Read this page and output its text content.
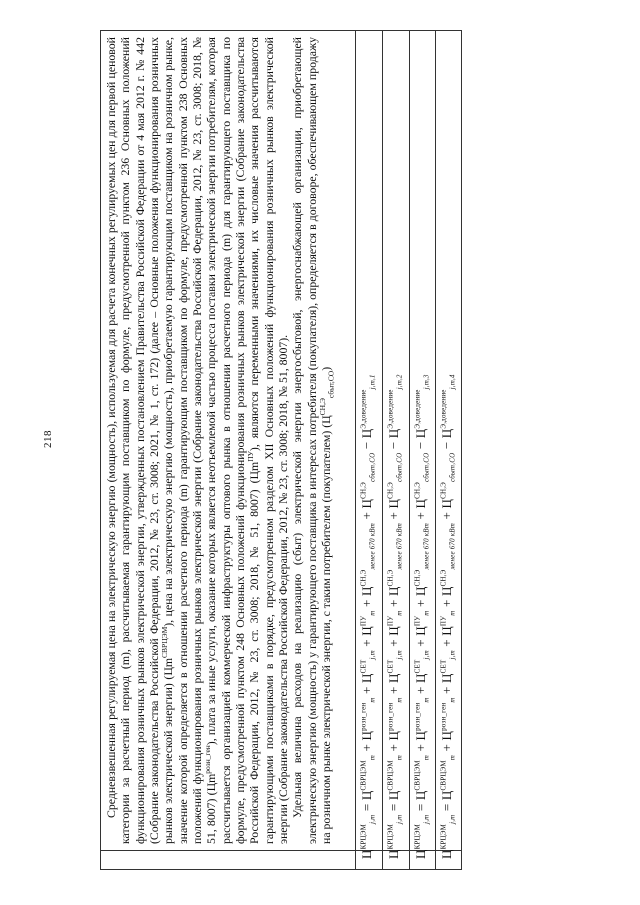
218	Средневзвешенная регулируемая цена на электрическую энергию (мощность), используемая для расчета конечных регулируемых цен для первой ценовой категории за расчетный период (m), рассчитываемая гарантирующим поставщиком по формуле, предусмотренной пунктом 236 Основных положений функционирования розничных рынков электрической энергии, утвержденных постановлением Правительства Российской Федерации от 4 мая 2012 г. № 442 (Собрание законодательства Российской Федерации, 2012, № 23, ст. 3008; 2021, № 1, ст. 172) (далее – Основные положения функционирования розничных рынков электрической энергии) $(Цm^{СВРЦЭМ})$, цена на электрическую энергию (мощность), приобретаемую гарантирующим поставщиком на розничном рынке, значение которой определяется в отношении расчетного периода (m) гарантирующим поставщиком по формуле, предусмотренной пунктом 238 Основных положений функционирования розничных рынков электрической энергии (Собрание законодательства Российской Федерации, 2012, № 23, ст. 3008; 2018, № 51, 8007) $(Цm^{розн\_ген})$, плата за иные услуги, оказание которых является неотъемлемой частью процесса поставки электрической энергии потребителям, которая рассчитывается организацией коммерческой инфраструктуры оптового рынка в отношении расчетного периода (m) для гарантирующего поставщика по формуле, предусмотренной пунктом 248 Основных положений функционирования розничных рынков электрической энергии (Собрание законодательства Российской Федерации, 2012, № 23, ст. 3008; 2018, № 51, 8007) $(Цm^{ПУ})$, являются переменными значениями, их числовые значения рассчитываются гарантирующими поставщиками в порядке, предусмотренном разделом XII Основных положений функционирования розничных рынков электрической энергии (Собрание законодательства Российской Федерации, 2012, № 23, ст. 3008; 2018, № 51, 8007). Удельная величина расходов на реализацию (сбыт) электрической энергии энергосбытовой, энергоснабжающей организации, приобретающей электрическую энергию (мощность) у гарантирующего поставщика в интересах потребителя (покупателя), определяется в договоре, обеспечивающем продажу на розничном рынке электрической энергии, с таким потребителем (покупателем) $(Ц^{СН,Э}_{сбыт,СО})$

$Ц^{КРЦЭМ}_{j,m} = Ц^{СВРЦЭМ}_m + Ц^{розн\_ген}_m + Ц^{СЕТ}_{j,m} + Ц^{ПУ}_m + Ц^{СН,Э}_{менее 670 кВт} + Ц^{СН,Э}_{сбыт,СО} - Ц^{Э,доведение}_{j,m,1}$
$Ц^{КРЦЭМ}_{j,m} = Ц^{СВРЦЭМ}_m + Ц^{розн\_ген}_m + Ц^{СЕТ}_{j,m} + Ц^{ПУ}_m + Ц^{СН,Э}_{менее 670 кВт} + Ц^{СН,Э}_{сбыт,СО} - Ц^{Э,доведение}_{j,m,2}$
$Ц^{КРЦЭМ}_{j,m} = Ц^{СВРЦЭМ}_m + Ц^{розн\_ген}_m + Ц^{СЕТ}_{j,m} + Ц^{ПУ}_m + Ц^{СН,Э}_{менее 670 кВт} + Ц^{СН,Э}_{сбыт,СО} - Ц^{Э,доведение}_{j,m,3}$
$Ц^{КРЦЭМ}_{j,m} = Ц^{СВРЦЭМ}_m + Ц^{розн\_ген}_m + Ц^{СЕТ}_{j,m} + Ц^{ПУ}_m + Ц^{СН,Э}_{менее 670 кВт} + Ц^{СН,Э}_{сбыт,СО} - Ц^{Э,доведение}_{j,m,4}$
